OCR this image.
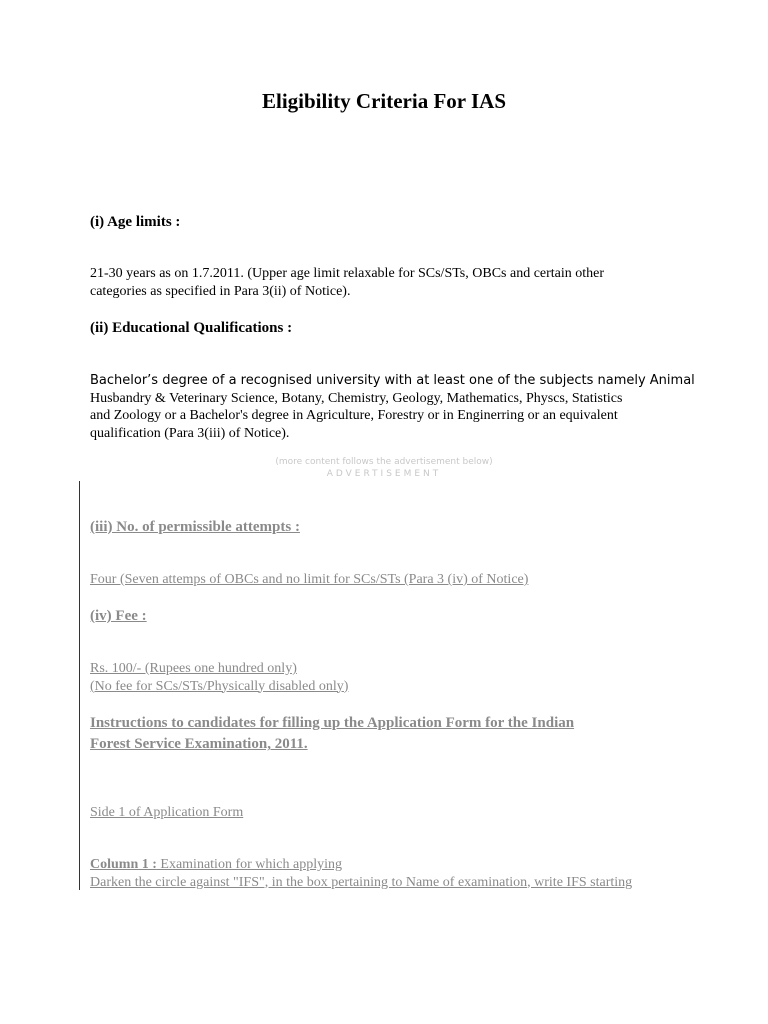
Eligibility Criteria For IAS
(i) Age limits :
21-30 years as on 1.7.2011. (Upper age limit relaxable for SCs/STs, OBCs and certain other
categories as specified in Para 3(ii) of Notice).
(ii) Educational Qualifications :
Bachelor’s degree of a recognised university with at least one of the subjects namely Animal
Husbandry & Veterinary Science, Botany, Chemistry, Geology, Mathematics, Physcs, Statistics
and Zoology or a Bachelor's degree in Agriculture, Forestry or in Enginerring or an equivalent
qualification (Para 3(iii) of Notice).
(more content follows the advertisement below)
ADVERTISEMENT
(iii) No. of permissible attempts :
Four (Seven attemps of OBCs and no limit for SCs/STs (Para 3 (iv) of Notice)
(iv) Fee :
Rs. 100/- (Rupees one hundred only)
(No fee for SCs/STs/Physically disabled only)
Instructions to candidates for filling up the Application Form for the Indian
Forest Service Examination, 2011.
Side 1 of Application Form
Column 1 : Examination for which applying
Darken the circle against "IFS", in the box pertaining to Name of examination, write IFS starting
